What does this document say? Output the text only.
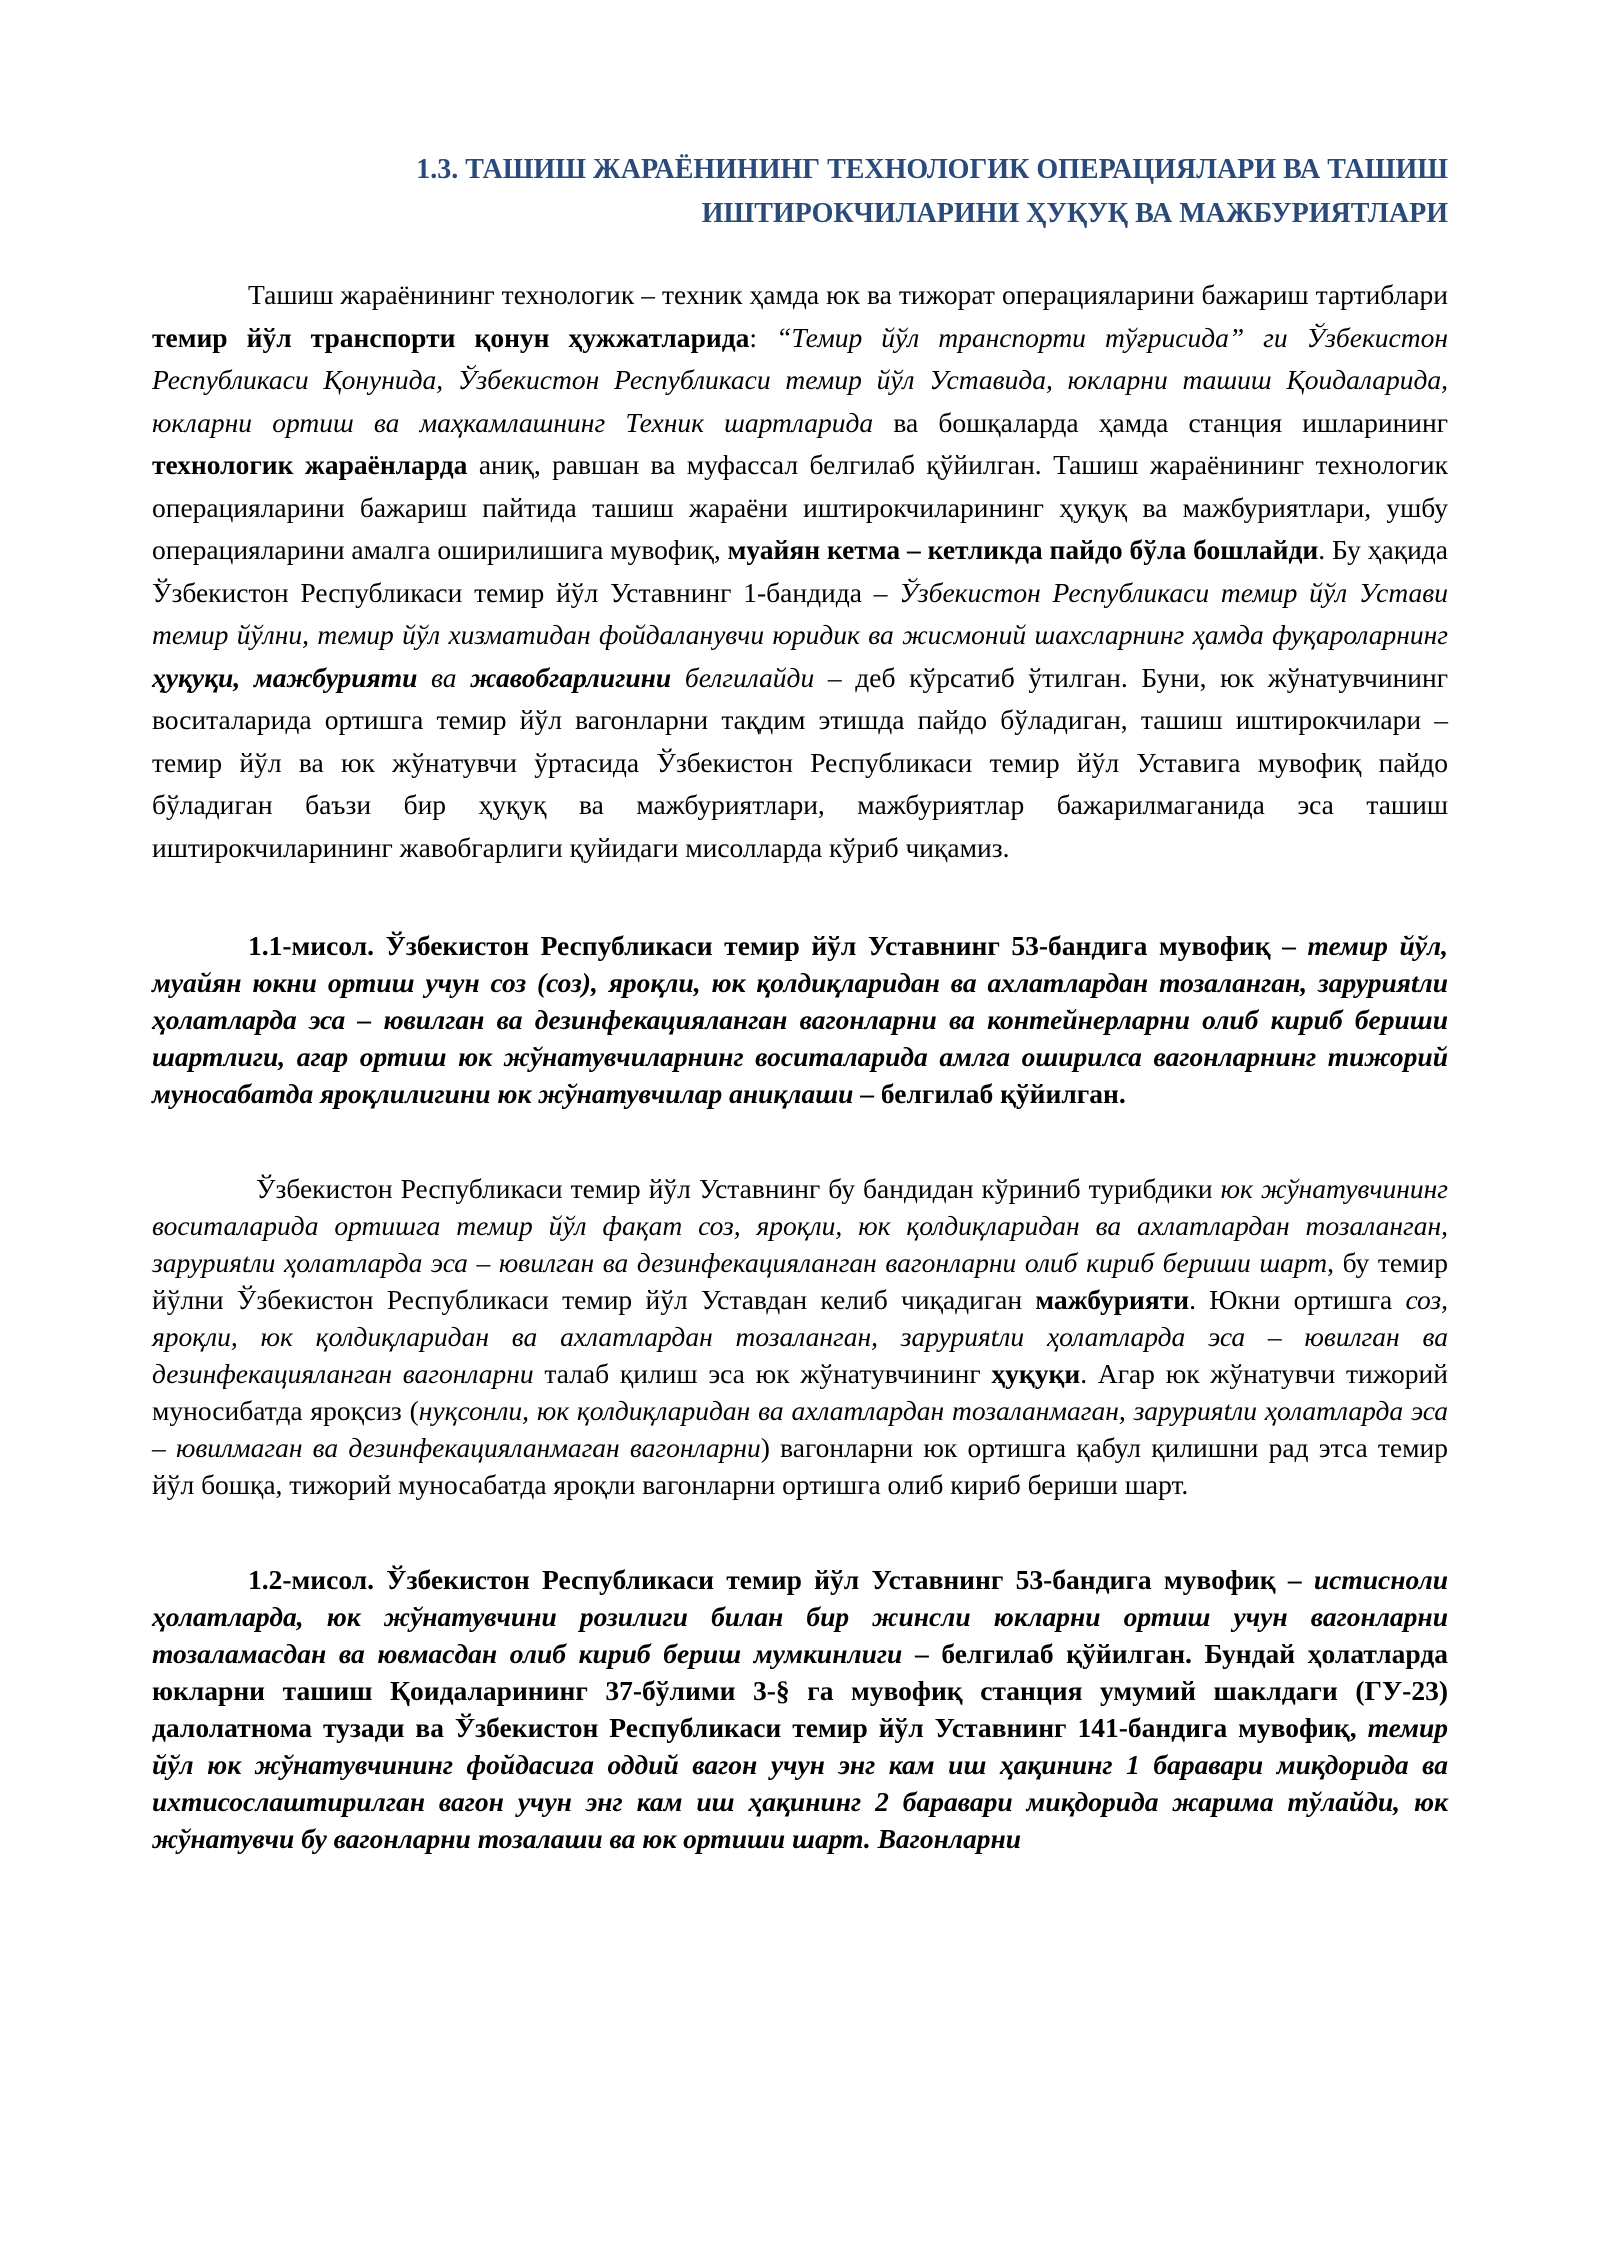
1.3. ТАШИШ ЖАРАЁНИНИНГ ТЕХНОЛОГИК ОПЕРАЦИЯЛАРИ ВА ТАШИШ
ИШТИРОКЧИЛАРИНИ ҲУҚУҚ ВА МАЖБУРИЯТЛАРИ

Ташиш жараёнининг технологик – техник ҳамда юк ва тижорат операцияларини бажариш тартиблари темир йўл транспорти қонун ҳужжатларида: “Темир йўл транспорти тўғрисида” ги Ўзбекистон Республикаси Қонунида, Ўзбекистон Республикаси темир йўл Уставида, юкларни ташиш Қоидаларида, юкларни ортиш ва маҳкамлашнинг Техник шартларида ва бошқаларда ҳамда станция ишларининг технологик жараёнларда аниқ, равшан ва муфассал белгилаб қўйилган. Ташиш жараёнининг технологик операцияларини бажариш пайтида ташиш жараёни иштирокчиларининг ҳуқуқ ва мажбуриятлари, ушбу операцияларини амалга оширилишига мувофиқ, муайян кетма – кетликда пайдо бўла бошлайди. Бу ҳақида Ўзбекистон Республикаси темир йўл Уставнинг 1-бандида – Ўзбекистон Республикаси темир йўл Устави темир йўлни, темир йўл хизматидан фойдаланувчи юридик ва жисмоний шахсларнинг ҳамда фуқароларнинг ҳуқуқи, мажбурияти ва жавобгарлигини белгилайди – деб кўрсатиб ўтилган. Буни, юк жўнатувчининг воситаларида ортишга темир йўл вагонларни тақдим этишда пайдо бўладиган, ташиш иштирокчилари – темир йўл ва юк жўнатувчи ўртасида Ўзбекистон Республикаси темир йўл Уставига мувофиқ пайдо бўладиган баъзи бир ҳуқуқ ва мажбуриятлари, мажбуриятлар бажарилмаганида эса ташиш иштирокчиларининг жавобгарлиги қуйидаги мисолларда кўриб чиқамиз.

1.1-мисол. Ўзбекистон Республикаси темир йўл Уставнинг 53-бандига мувофиқ – темир йўл, муайян юкни ортиш учун соз (соз), яроқли, юк қолдиқларидан ва ахлатлардан тозаланган, зарурияtли ҳолатларда эса – ювилган ва дезинфекацияланган вагонларни ва контейнерларни олиб кириб бериши шартлиги, агар ортиш юк жўнатувчиларнинг воситаларида амлга оширилса вагонларнинг тижорий муносабатда яроқлилигини юк жўнатувчилар аниқлаши – белгилаб қўйилган.

Ўзбекистон Республикаси темир йўл Уставнинг бу бандидан кўриниб турибдики юк жўнатувчининг воситаларида ортишга темир йўл фақат соз, яроқли, юк қолдиқларидан ва ахлатлардан тозаланган, зарурияtли ҳолатларда эса – ювилган ва дезинфекацияланган вагонларни олиб кириб бериши шарт, бу темир йўлни Ўзбекистон Республикаси темир йўл Уставдан келиб чиқадиган мажбурияти. Юкни ортишга соз, яроқли, юк қолдиқларидан ва ахлатлардан тозаланган, зарурияtли ҳолатларда эса – ювилган ва дезинфекацияланган вагонларни талаб қилиш эса юк жўнатувчининг ҳуқуқи. Агар юк жўнатувчи тижорий муносибатда яроқсиз (нуқсонли, юк қолдиқларидан ва ахлатлардан тозаланмаган, зарурияtли ҳолатларда эса – ювилмаган ва дезинфекацияланмаган вагонларни) вагонларни юк ортишга қабул қилишни рад этса темир йўл бошқа, тижорий муносабатда яроқли вагонларни ортишга олиб кириб бериши шарт.

1.2-мисол. Ўзбекистон Республикаси темир йўл Уставнинг 53-бандига мувофиқ – истисноли ҳолатларда, юк жўнатувчини розилиги билан бир жинсли юкларни ортиш учун вагонларни тозаламасдан ва ювмасдан олиб кириб бериш мумкинлиги – белгилаб қўйилган. Бундай ҳолатларда юкларни ташиш Қоидаларининг 37-бўлими 3-§ га мувофиқ станция умумий шаклдаги (ГУ-23) далолатнома тузади ва Ўзбекистон Республикаси темир йўл Уставнинг 141-бандига мувофиқ, темир йўл юк жўнатувчининг фойдасига оддий вагон учун энг кам иш ҳақининг 1 баравари миқдорида ва ихтисослаштирилган вагон учун энг кам иш ҳақининг 2 баравари миқдорида жарима тўлайди, юк жўнатувчи бу вагонларни тозалаши ва юк ортиши шарт. Вагонларни
